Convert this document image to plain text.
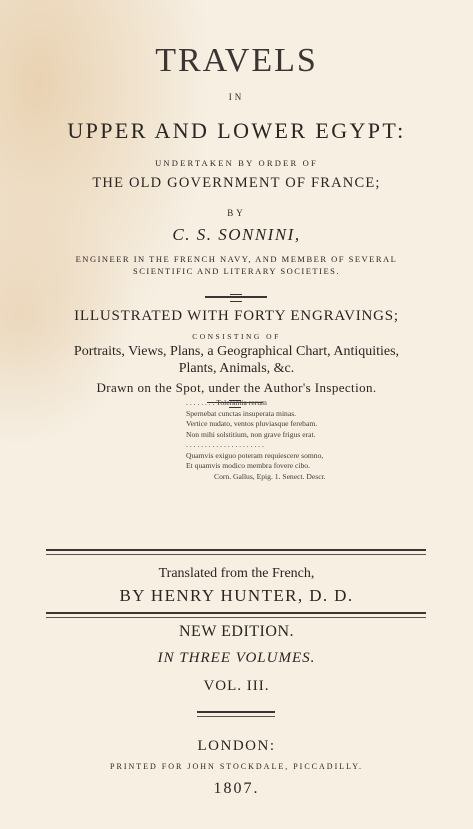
TRAVELS
IN
UPPER AND LOWER EGYPT:
UNDERTAKEN BY ORDER OF
THE OLD GOVERNMENT OF FRANCE;
BY
C. S. SONNINI,
ENGINEER IN THE FRENCH NAVY, AND MEMBER OF SEVERAL
SCIENTIFIC AND LITERARY SOCIETIES.
ILLUSTRATED WITH FORTY ENGRAVINGS;
CONSISTING OF
Portraits, Views, Plans, a Geographical Chart, Antiquities,
Plants, Animals, &c.
Drawn on the Spot, under the Author's Inspection.
. . . . . . . . Tolerantia rerum
Spernebat cunctas insuperata minas.
Vertice nudato, ventos pluviasque ferebam.
Non mihi solstitium, non grave frigus erat.
. . . . . . . . . . . . . . . . . . . . .
Quamvis exiguo poteram requiescere somno,
Et quamvis modico membra fovere cibo.
Corn. Gallus, Epig. 1. Senect. Descr.
Translated from the French,
BY HENRY HUNTER, D. D.
NEW EDITION.
IN THREE VOLUMES.
VOL. III.
LONDON:
PRINTED FOR JOHN STOCKDALE, PICCADILLY.
1807.
